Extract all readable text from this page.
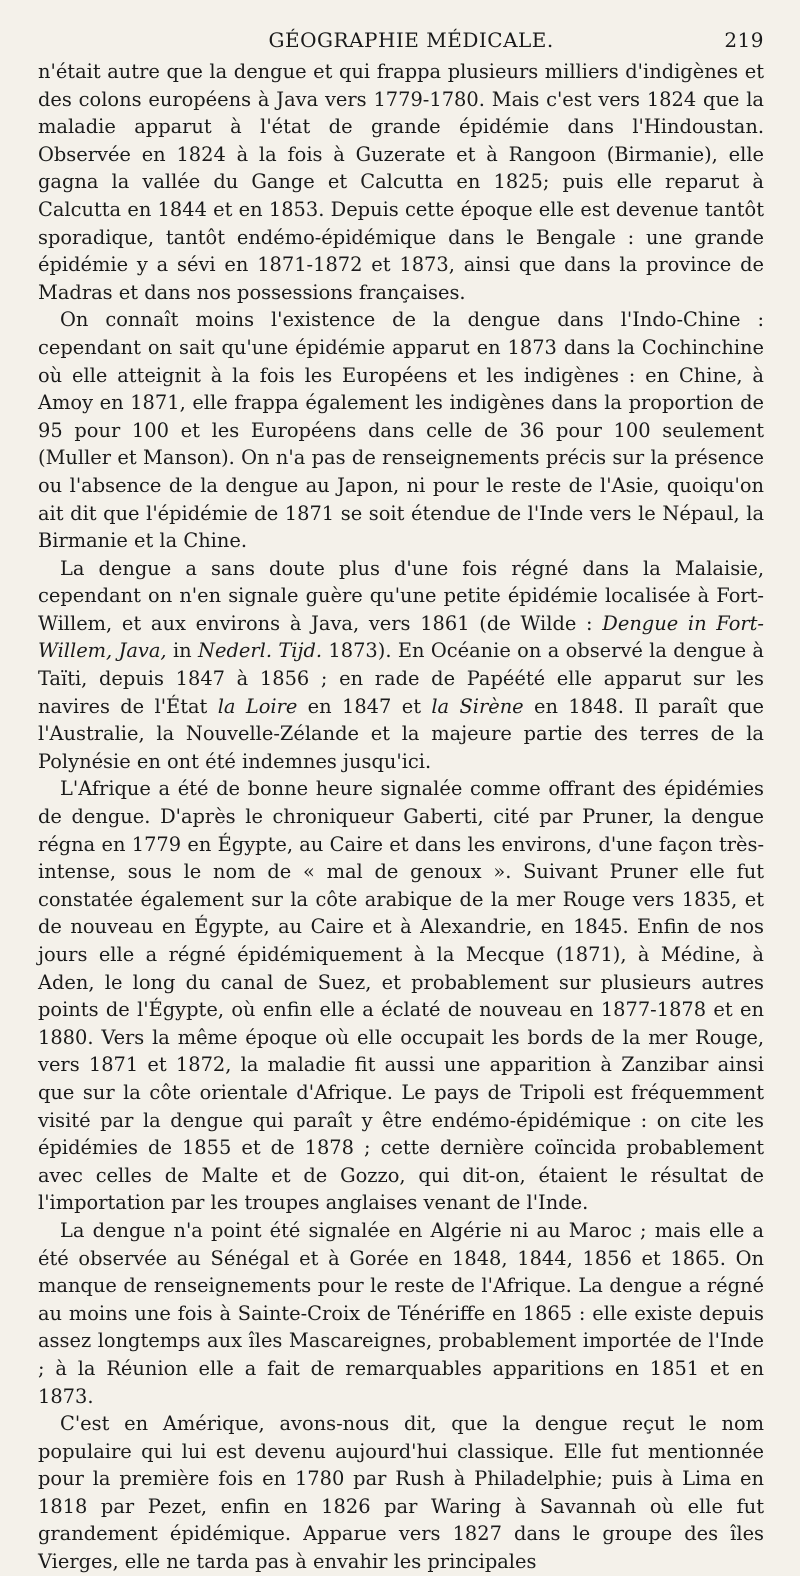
GÉOGRAPHIE MÉDICALE.	219

n'était autre que la dengue et qui frappa plusieurs milliers d'indigènes et des colons européens à Java vers 1779-1780. Mais c'est vers 1824 que la maladie apparut à l'état de grande épidémie dans l'Hindoustan. Observée en 1824 à la fois à Guzerate et à Rangoon (Birmanie), elle gagna la vallée du Gange et Calcutta en 1825; puis elle reparut à Calcutta en 1844 et en 1853. Depuis cette époque elle est devenue tantôt sporadique, tantôt endémo-épidémique dans le Bengale : une grande épidémie y a sévi en 1871-1872 et 1873, ainsi que dans la province de Madras et dans nos possessions françaises.

On connaît moins l'existence de la dengue dans l'Indo-Chine : cependant on sait qu'une épidémie apparut en 1873 dans la Cochinchine où elle atteignit à la fois les Européens et les indigènes : en Chine, à Amoy en 1871, elle frappa également les indigènes dans la proportion de 95 pour 100 et les Européens dans celle de 36 pour 100 seulement (Muller et Manson). On n'a pas de renseignements précis sur la présence ou l'absence de la dengue au Japon, ni pour le reste de l'Asie, quoiqu'on ait dit que l'épidémie de 1871 se soit étendue de l'Inde vers le Népaul, la Birmanie et la Chine.

La dengue a sans doute plus d'une fois régné dans la Malaisie, cependant on n'en signale guère qu'une petite épidémie localisée à Fort-Willem, et aux environs à Java, vers 1861 (de Wilde : Dengue in Fort-Willem, Java, in Nederl. Tijd. 1873). En Océanie on a observé la dengue à Taïti, depuis 1847 à 1856 ; en rade de Papéété elle apparut sur les navires de l'État la Loire en 1847 et la Sirène en 1848. Il paraît que l'Australie, la Nouvelle-Zélande et la majeure partie des terres de la Polynésie en ont été indemnes jusqu'ici.

L'Afrique a été de bonne heure signalée comme offrant des épidémies de dengue. D'après le chroniqueur Gaberti, cité par Pruner, la dengue régna en 1779 en Égypte, au Caire et dans les environs, d'une façon très-intense, sous le nom de « mal de genoux ». Suivant Pruner elle fut constatée également sur la côte arabique de la mer Rouge vers 1835, et de nouveau en Égypte, au Caire et à Alexandrie, en 1845. Enfin de nos jours elle a régné épidémiquement à la Mecque (1871), à Médine, à Aden, le long du canal de Suez, et probablement sur plusieurs autres points de l'Égypte, où enfin elle a éclaté de nouveau en 1877-1878 et en 1880. Vers la même époque où elle occupait les bords de la mer Rouge, vers 1871 et 1872, la maladie fit aussi une apparition à Zanzibar ainsi que sur la côte orientale d'Afrique. Le pays de Tripoli est fréquemment visité par la dengue qui paraît y être endémo-épidémique : on cite les épidémies de 1855 et de 1878 ; cette dernière coïncida probablement avec celles de Malte et de Gozzo, qui dit-on, étaient le résultat de l'importation par les troupes anglaises venant de l'Inde.

La dengue n'a point été signalée en Algérie ni au Maroc ; mais elle a été observée au Sénégal et à Gorée en 1848, 1844, 1856 et 1865. On manque de renseignements pour le reste de l'Afrique. La dengue a régné au moins une fois à Sainte-Croix de Ténériffe en 1865 : elle existe depuis assez longtemps aux îles Mascareignes, probablement importée de l'Inde ; à la Réunion elle a fait de remarquables apparitions en 1851 et en 1873.

C'est en Amérique, avons-nous dit, que la dengue reçut le nom populaire qui lui est devenu aujourd'hui classique. Elle fut mentionnée pour la première fois en 1780 par Rush à Philadelphie; puis à Lima en 1818 par Pezet, enfin en 1826 par Waring à Savannah où elle fut grandement épidémique. Apparue vers 1827 dans le groupe des îles Vierges, elle ne tarda pas à envahir les principales
